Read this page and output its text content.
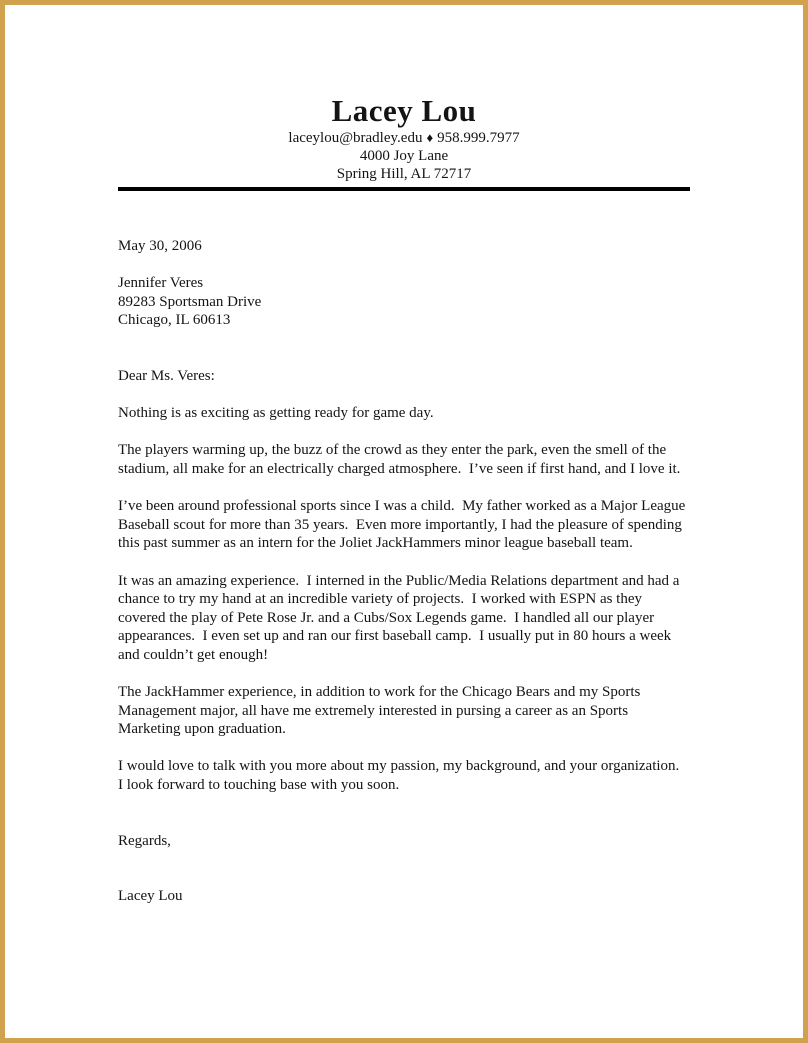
Lacey Lou
laceylou@bradley.edu ♦ 958.999.7977
4000 Joy Lane
Spring Hill, AL 72717
May 30, 2006
Jennifer Veres
89283 Sportsman Drive
Chicago, IL 60613
Dear Ms. Veres:

Nothing is as exciting as getting ready for game day.

The players warming up, the buzz of the crowd as they enter the park, even the smell of the stadium, all make for an electrically charged atmosphere.  I’ve seen if first hand, and I love it.

I’ve been around professional sports since I was a child.  My father worked as a Major League Baseball scout for more than 35 years.  Even more importantly, I had the pleasure of spending this past summer as an intern for the Joliet JackHammers minor league baseball team.

It was an amazing experience.  I interned in the Public/Media Relations department and had a chance to try my hand at an incredible variety of projects.  I worked with ESPN as they covered the play of Pete Rose Jr. and a Cubs/Sox Legends game.  I handled all our player appearances.  I even set up and ran our first baseball camp.  I usually put in 80 hours a week and couldn’t get enough!

The JackHammer experience, in addition to work for the Chicago Bears and my Sports Management major, all have me extremely interested in pursing a career as an Sports Marketing upon graduation.

I would love to talk with you more about my passion, my background, and your organization.  I look forward to touching base with you soon.

Regards,
Lacey Lou
